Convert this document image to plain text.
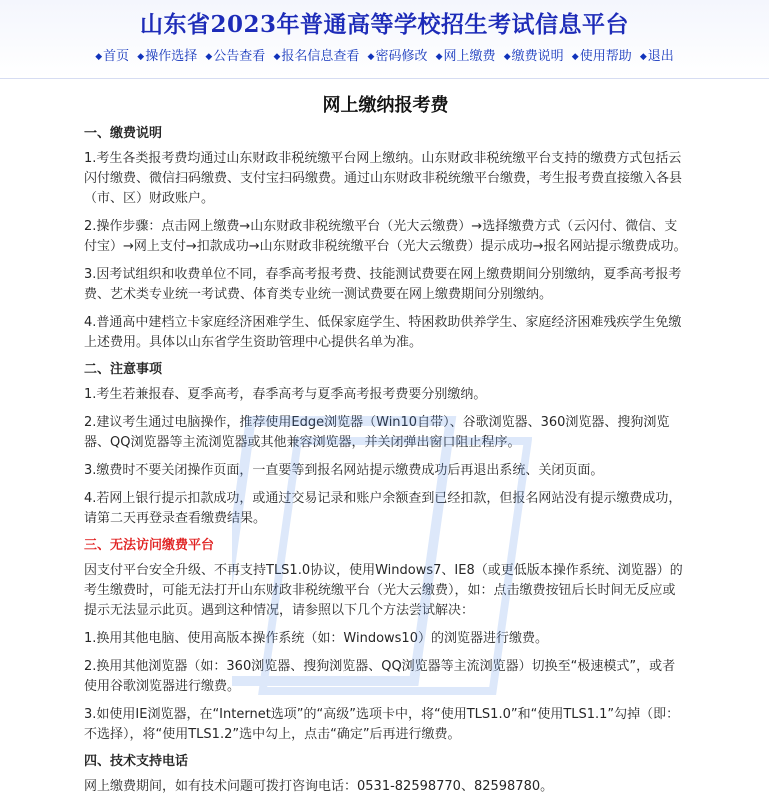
山东省2023年普通高等学校招生考试信息平台
◆首页 ◆操作选择 ◆公告查看 ◆报名信息查看 ◆密码修改 ◆网上缴费 ◆缴费说明 ◆使用帮助 ◆退出
网上缴纳报考费
一、缴费说明

1.考生各类报考费均通过山东财政非税统缴平台网上缴纳。山东财政非税统缴平台支持的缴费方式包括云闪付缴费、微信扫码缴费、支付宝扫码缴费。通过山东财政非税统缴平台缴费，考生报考费直接缴入各县（市、区）财政账户。

2.操作步骤：点击网上缴费→山东财政非税统缴平台（光大云缴费）→选择缴费方式（云闪付、微信、支付宝）→网上支付→扣款成功→山东财政非税统缴平台（光大云缴费）提示成功→报名网站提示缴费成功。

3.因考试组织和收费单位不同，春季高考报考费、技能测试费要在网上缴费期间分别缴纳，夏季高考报考费、艺术类专业统一考试费、体育类专业统一测试费要在网上缴费期间分别缴纳。

4.普通高中建档立卡家庭经济困难学生、低保家庭学生、特困救助供养学生、家庭经济困难残疾学生免缴上述费用。具体以山东省学生资助管理中心提供名单为准。

二、注意事项

1.考生若兼报春、夏季高考，春季高考与夏季高考报考费要分别缴纳。

2.建议考生通过电脑操作，推荐使用Edge浏览器（Win10自带）、谷歌浏览器、360浏览器、搜狗浏览器、QQ浏览器等主流浏览器或其他兼容浏览器，并关闭弹出窗口阻止程序。

3.缴费时不要关闭操作页面，一直要等到报名网站提示缴费成功后再退出系统、关闭页面。

4.若网上银行提示扣款成功，或通过交易记录和账户余额查到已经扣款，但报名网站没有提示缴费成功，请第二天再登录查看缴费结果。

三、无法访问缴费平台

因支付平台安全升级、不再支持TLS1.0协议，使用Windows7、IE8（或更低版本操作系统、浏览器）的考生缴费时，可能无法打开山东财政非税统缴平台（光大云缴费），如：点击缴费按钮后长时间无反应或提示无法显示此页。遇到这种情况，请参照以下几个方法尝试解决：

1.换用其他电脑、使用高版本操作系统（如：Windows10）的浏览器进行缴费。

2.换用其他浏览器（如：360浏览器、搜狗浏览器、QQ浏览器等主流浏览器）切换至“极速模式”，或者使用谷歌浏览器进行缴费。

3.如使用IE浏览器，在“Internet选项”的“高级”选项卡中，将“使用TLS1.0”和“使用TLS1.1”勾掉（即：不选择），将“使用TLS1.2”选中勾上，点击“确定”后再进行缴费。

四、技术支持电话

网上缴费期间，如有技术问题可拨打咨询电话：0531-82598770、82598780。
